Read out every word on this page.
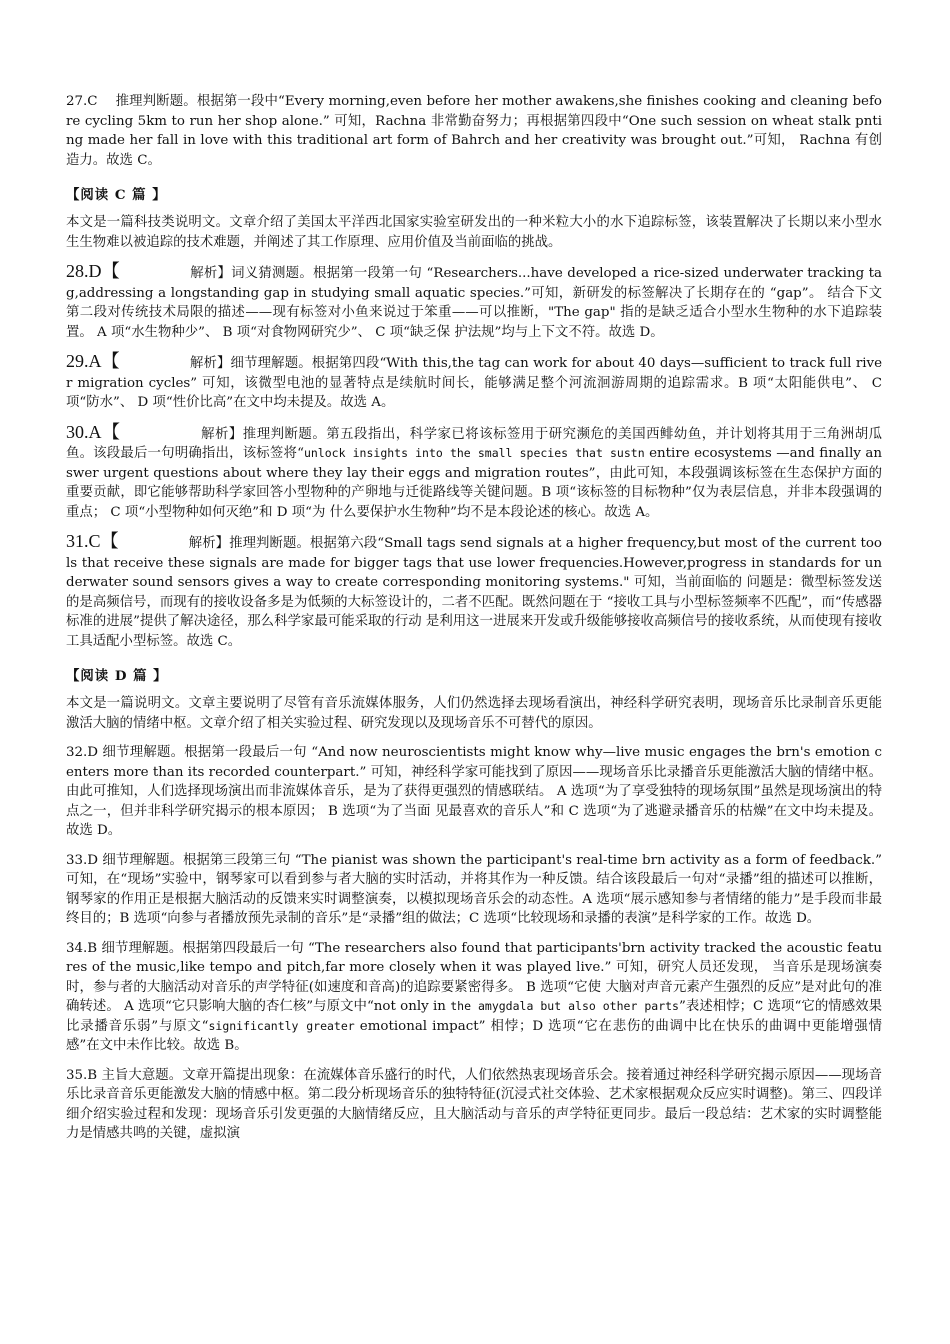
27.C　 推理判断题。根据第一段中“Every morning,even before her mother awakens,she finishes cooking and cleaning before cycling 5km to run her shop alone.” 可知，Rachna 非常勤奋努力；再根据第四段中“One such session on wheat stalk pnting made her fall in love with this traditional art form of Bahrch and her creativity was brought out.”可知， Rachna 有创造力。故选 C。

【阅读 C 篇 】

本文是一篇科技类说明文。文章介绍了美国太平洋西北国家实验室研发出的一种米粒大小的水下追踪标签，该装置解决了长期以来小型水生生物难以被追踪的技术难题，并阐述了其工作原理、应用价值及当前面临的挑战。

28.D【	解析】词义猜测题。根据第一段第一句 “Researchers...have developed a rice-sized underwater tracking tag,addressing a longstanding gap in studying small aquatic species.”可知，新研发的标签解决了长期存在的 “gap”。 结合下文第二段对传统技术局限的描述——现有标签对小鱼来说过于笨重——可以推断，"The gap" 指的是缺乏适合小型水生物种的水下追踪装置。 A 项“水生物种少”、 B 项“对食物网研究少”、 C 项“缺乏保 护法规”均与上下文不符。故选 D。

29.A【	解析】细节理解题。根据第四段“With this,the tag can work for about 40 days—sufficient to track full river migration cycles” 可知，该微型电池的显著特点是续航时间长，能够满足整个河流洄游周期的追踪需求。B 项“太阳能供电”、 C 项“防水”、 D 项“性价比高”在文中均未提及。故选 A。

30.A【	解析】推理判断题。第五段指出，科学家已将该标签用于研究濒危的美国西鲱幼鱼，并计划将其用于三角洲胡瓜鱼。该段最后一句明确指出，该标签将“unlock insights into the small species that sustn entire ecosystems —and finally answer urgent questions about where they lay their eggs and migration routes”，由此可知，本段强调该标签在生态保护方面的重要贡献，即它能够帮助科学家回答小型物种的产卵地与迁徙路线等关键问题。B 项“该标签的目标物种”仅为表层信息，并非本段强调的重点； C 项“小型物种如何灭绝”和 D 项“为 什么要保护水生物种”均不是本段论述的核心。故选 A。

31.C【	解析】推理判断题。根据第六段“Small tags send signals at a higher frequency,but most of the current tools that receive these signals are made for bigger tags that use lower frequencies.However,progress in standards for underwater sound sensors gives a way to create corresponding monitoring systems." 可知，当前面临的 问题是：微型标签发送的是高频信号，而现有的接收设备多是为低频的大标签设计的，二者不匹配。既然问题在于 “接收工具与小型标签频率不匹配”，而“传感器标准的进展”提供了解决途径，那么科学家最可能采取的行动 是利用这一进展来开发或升级能够接收高频信号的接收系统，从而使现有接收工具适配小型标签。故选 C。

【阅读 D 篇 】

本文是一篇说明文。文章主要说明了尽管有音乐流媒体服务，人们仍然选择去现场看演出，神经科学研究表明，现场音乐比录制音乐更能激活大脑的情绪中枢。文章介绍了相关实验过程、研究发现以及现场音乐不可替代的原因。

32.D 细节理解题。根据第一段最后一句 “And now neuroscientists might know why—live music engages the brn's emotion centers more than its recorded counterpart.” 可知，神经科学家可能找到了原因——现场音乐比录播音乐更能激活大脑的情绪中枢。由此可推知，人们选择现场演出而非流媒体音乐，是为了获得更强烈的情感联结。 A 选项“为了享受独特的现场氛围”虽然是现场演出的特点之一，但并非科学研究揭示的根本原因； B 选项“为了当面 见最喜欢的音乐人”和 C 选项“为了逃避录播音乐的枯燥”在文中均未提及。故选 D。

33.D 细节理解题。根据第三段第三句 “The pianist was shown the participant's real-time brn activity as a form of feedback.” 可知，在“现场”实验中，钢琴家可以看到参与者大脑的实时活动，并将其作为一种反馈。结合该段最后一句对“录播”组的描述可以推断，钢琴家的作用正是根据大脑活动的反馈来实时调整演奏，以模拟现场音乐会的动态性。A 选项“展示感知参与者情绪的能力”是手段而非最终目的；B 选项“向参与者播放预先录制的音乐”是“录播”组的做法；C 选项“比较现场和录播的表演”是科学家的工作。故选 D。

34.B 细节理解题。根据第四段最后一句 “The researchers also found that participants'brn activity tracked the acoustic features of the music,like tempo and pitch,far more closely when it was played live.” 可知，研究人员还发现， 当音乐是现场演奏时，参与者的大脑活动对音乐的声学特征(如速度和音高)的追踪要紧密得多。 B 选项“它使 大脑对声音元素产生强烈的反应”是对此句的准确转述。 A 选项“它只影响大脑的杏仁核”与原文中“not only in the amygdala but also other parts”表述相悖；C 选项“它的情感效果比录播音乐弱”与原文“significantly greater emotional impact” 相悖；D 选项“它在悲伤的曲调中比在快乐的曲调中更能增强情感”在文中未作比较。故选 B。

35.B 主旨大意题。文章开篇提出现象：在流媒体音乐盛行的时代，人们依然热衷现场音乐会。接着通过神经科学研究揭示原因——现场音乐比录音音乐更能激发大脑的情感中枢。第二段分析现场音乐的独特特征(沉浸式社交体验、艺术家根据观众反应实时调整)。第三、四段详细介绍实验过程和发现：现场音乐引发更强的大脑情绪反应，且大脑活动与音乐的声学特征更同步。最后一段总结：艺术家的实时调整能力是情感共鸣的关键，虚拟演
